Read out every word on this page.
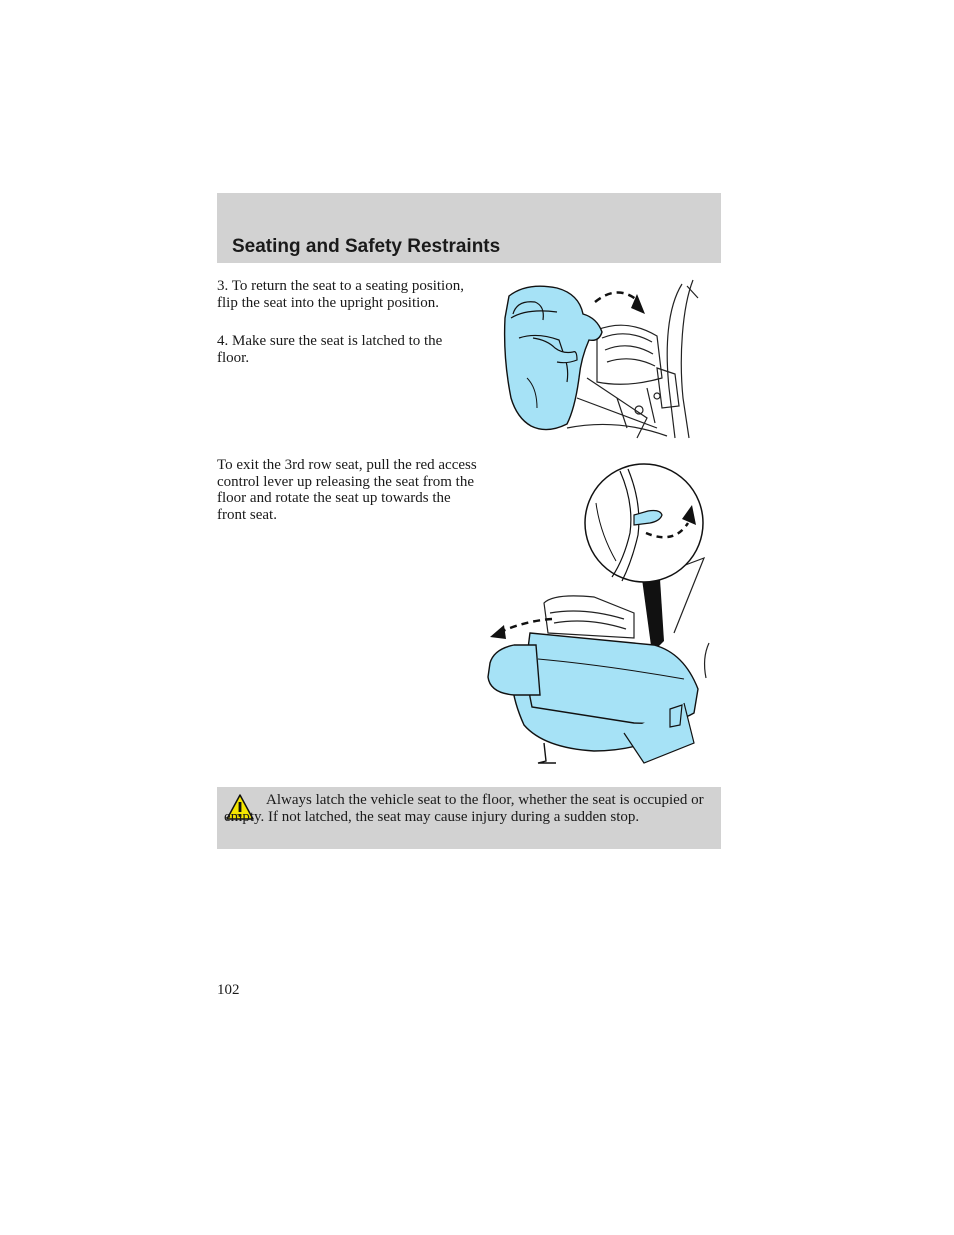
Seating and Safety Restraints

3. To return the seat to a seating position, flip the seat into the upright position.

4. Make sure the seat is latched to the floor.

To exit the 3rd row seat, pull the red access control lever up releasing the seat from the floor and rotate the seat up towards the front seat.

Always latch the vehicle seat to the floor, whether the seat is occupied or empty. If not latched, the seat may cause injury during a sudden stop.

102
